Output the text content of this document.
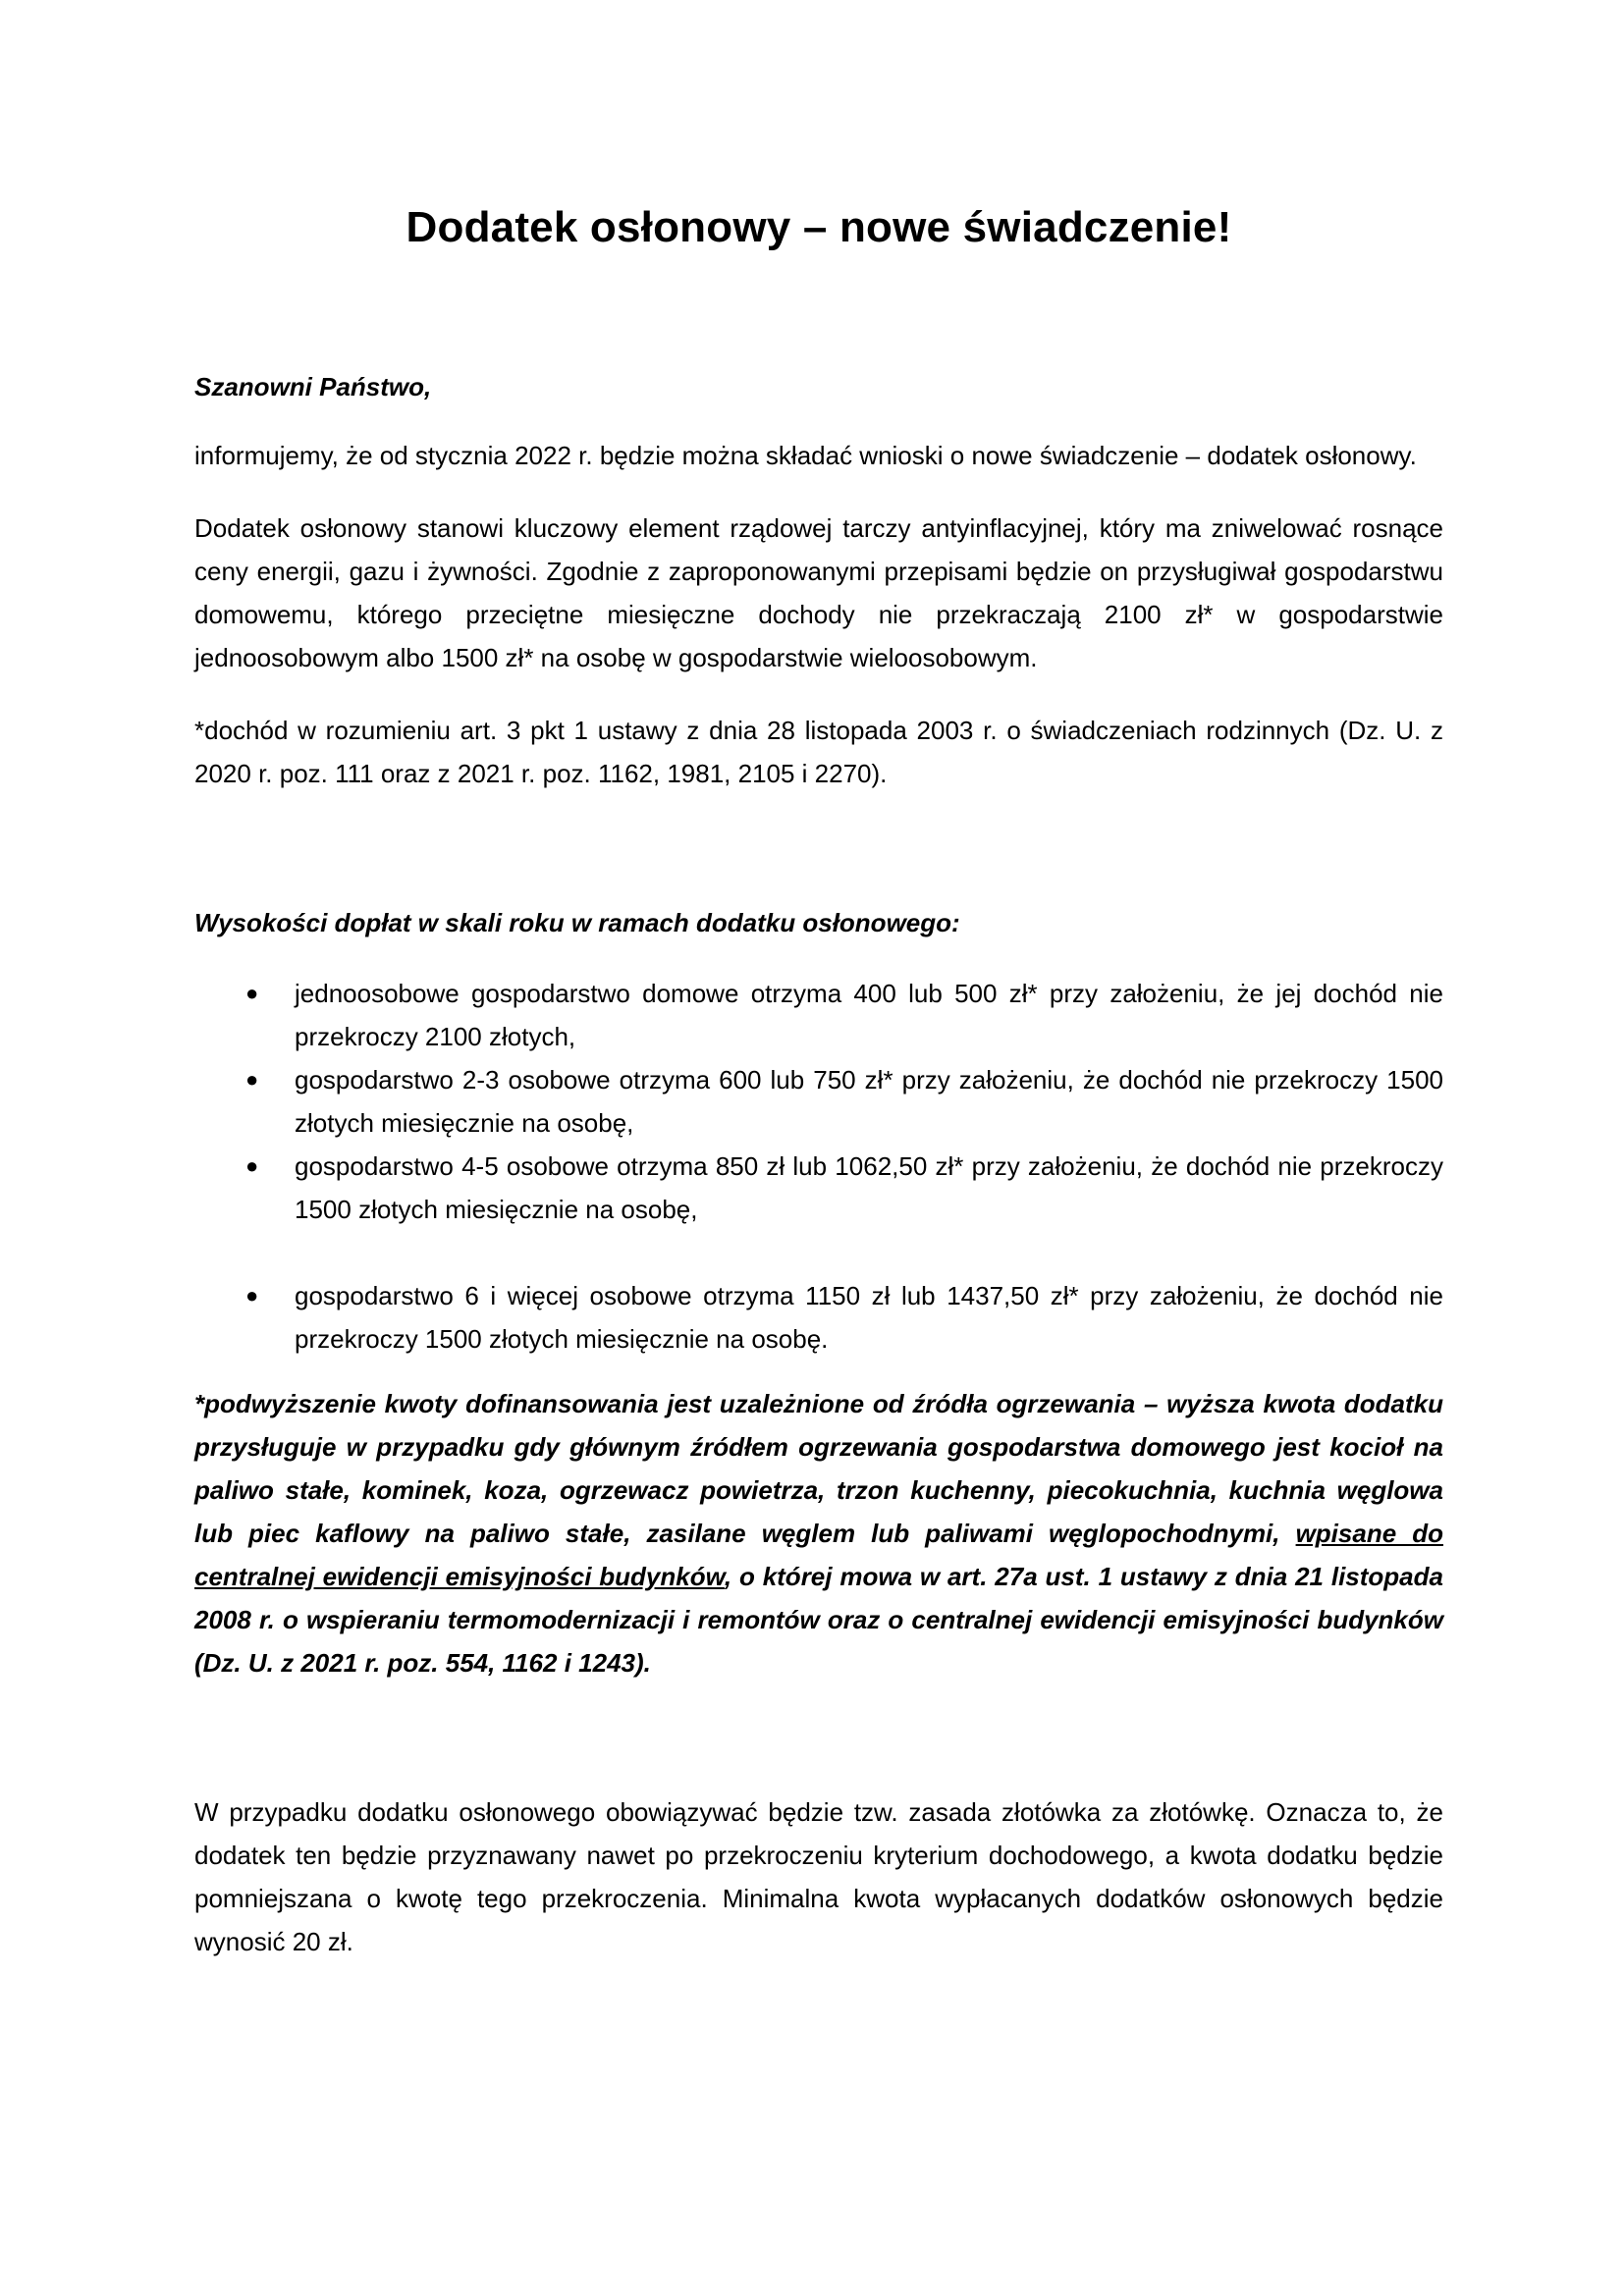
Dodatek osłonowy – nowe świadczenie!
Szanowni Państwo,

informujemy, że od stycznia 2022 r. będzie można składać wnioski o nowe świadczenie – dodatek osłonowy.

Dodatek osłonowy stanowi kluczowy element rządowej tarczy antyinflacyjnej, który ma zniwelować rosnące ceny energii, gazu i żywności. Zgodnie z zaproponowanymi przepisami będzie on przysługiwał gospodarstwu domowemu, którego przeciętne miesięczne dochody nie przekraczają 2100 zł* w gospodarstwie jednoosobowym albo 1500 zł* na osobę w gospodarstwie wieloosobowym.

*dochód w rozumieniu art. 3 pkt 1 ustawy z dnia 28 listopada 2003 r. o świadczeniach rodzinnych (Dz. U. z 2020 r. poz. 111 oraz z 2021 r. poz. 1162, 1981, 2105 i 2270).

Wysokości dopłat w skali roku w ramach dodatku osłonowego:
● jednoosobowe gospodarstwo domowe otrzyma 400 lub 500 zł* przy założeniu, że jej dochód nie przekroczy 2100 złotych,
● gospodarstwo 2-3 osobowe otrzyma 600 lub 750 zł* przy założeniu, że dochód nie przekroczy 1500 złotych miesięcznie na osobę,
● gospodarstwo 4-5 osobowe otrzyma 850 zł lub 1062,50 zł* przy założeniu, że dochód nie przekroczy 1500 złotych miesięcznie na osobę,
● gospodarstwo 6 i więcej osobowe otrzyma 1150 zł lub 1437,50 zł* przy założeniu, że dochód nie przekroczy 1500 złotych miesięcznie na osobę.
*podwyższenie kwoty dofinansowania jest uzależnione od źródła ogrzewania – wyższa kwota dodatku przysługuje w przypadku gdy głównym źródłem ogrzewania gospodarstwa domowego jest kocioł na paliwo stałe, kominek, koza, ogrzewacz powietrza, trzon kuchenny, piecokuchnia, kuchnia węglowa lub piec kaflowy na paliwo stałe, zasilane węglem lub paliwami węglopochodnymi, wpisane do centralnej ewidencji emisyjności budynków, o której mowa w art. 27a ust. 1 ustawy z dnia 21 listopada 2008 r. o wspieraniu termomodernizacji i remontów oraz o centralnej ewidencji emisyjności budynków (Dz. U. z 2021 r. poz. 554, 1162 i 1243).

W przypadku dodatku osłonowego obowiązywać będzie tzw. zasada złotówka za złotówkę. Oznacza to, że dodatek ten będzie przyznawany nawet po przekroczeniu kryterium dochodowego, a kwota dodatku będzie pomniejszana o kwotę tego przekroczenia. Minimalna kwota wypłacanych dodatków osłonowych będzie wynosić 20 zł.
